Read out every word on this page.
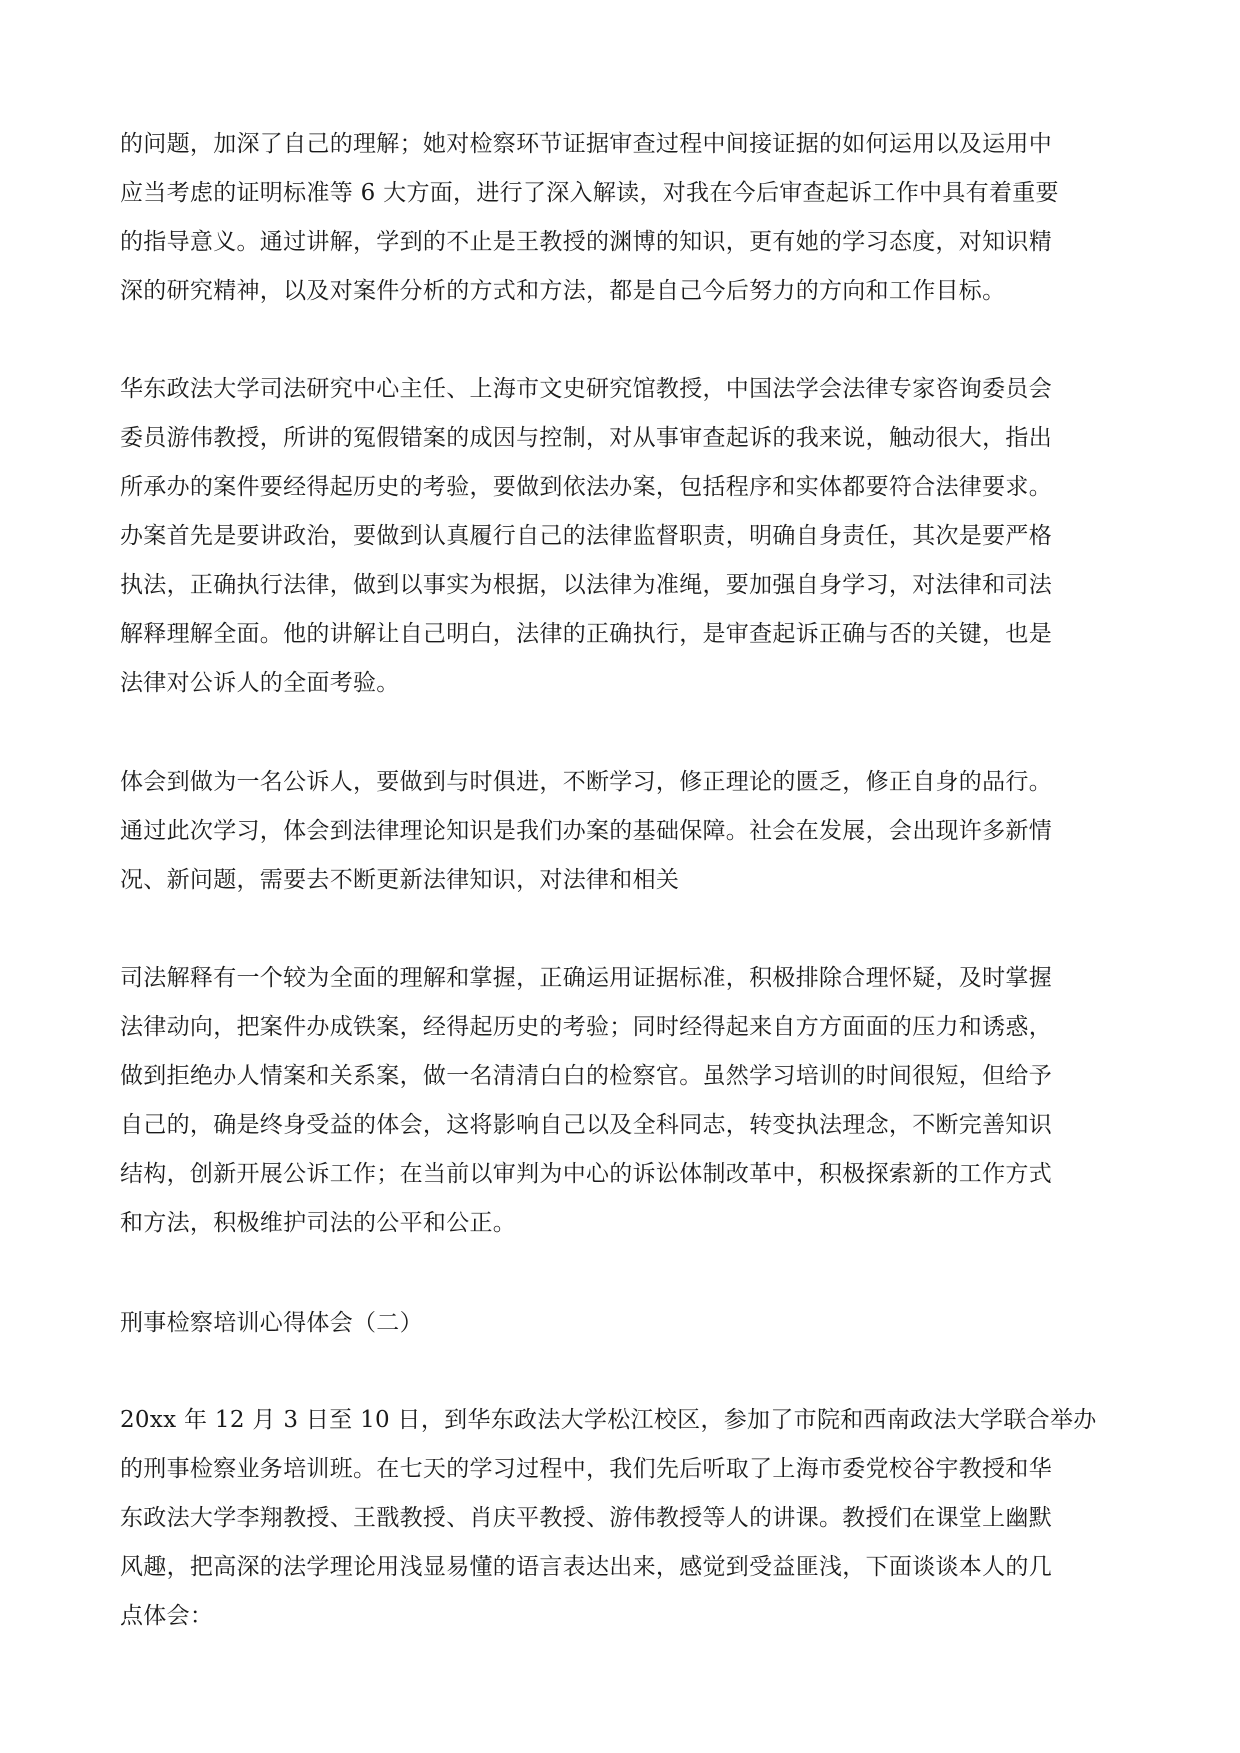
的问题，加深了自己的理解；她对检察环节证据审查过程中间接证据的如何运用以及运用中
应当考虑的证明标准等 6 大方面，进行了深入解读，对我在今后审查起诉工作中具有着重要
的指导意义。通过讲解，学到的不止是王教授的渊博的知识，更有她的学习态度，对知识精
深的研究精神，以及对案件分析的方式和方法，都是自己今后努力的方向和工作目标。

华东政法大学司法研究中心主任、上海市文史研究馆教授，中国法学会法律专家咨询委员会
委员游伟教授，所讲的冤假错案的成因与控制，对从事审查起诉的我来说，触动很大，指出
所承办的案件要经得起历史的考验，要做到依法办案，包括程序和实体都要符合法律要求。
办案首先是要讲政治，要做到认真履行自己的法律监督职责，明确自身责任，其次是要严格
执法，正确执行法律，做到以事实为根据，以法律为准绳，要加强自身学习，对法律和司法
解释理解全面。他的讲解让自己明白，法律的正确执行，是审查起诉正确与否的关键，也是
法律对公诉人的全面考验。

体会到做为一名公诉人，要做到与时俱进，不断学习，修正理论的匮乏，修正自身的品行。
通过此次学习，体会到法律理论知识是我们办案的基础保障。社会在发展，会出现许多新情
况、新问题，需要去不断更新法律知识，对法律和相关

司法解释有一个较为全面的理解和掌握，正确运用证据标准，积极排除合理怀疑，及时掌握
法律动向，把案件办成铁案，经得起历史的考验；同时经得起来自方方面面的压力和诱惑，
做到拒绝办人情案和关系案，做一名清清白白的检察官。虽然学习培训的时间很短，但给予
自己的，确是终身受益的体会，这将影响自己以及全科同志，转变执法理念，不断完善知识
结构，创新开展公诉工作；在当前以审判为中心的诉讼体制改革中，积极探索新的工作方式
和方法，积极维护司法的公平和公正。

刑事检察培训心得体会（二）

20xx 年 12 月 3 日至 10 日，到华东政法大学松江校区，参加了市院和西南政法大学联合举办
的刑事检察业务培训班。在七天的学习过程中，我们先后听取了上海市委党校谷宇教授和华
东政法大学李翔教授、王戬教授、肖庆平教授、游伟教授等人的讲课。教授们在课堂上幽默
风趣，把高深的法学理论用浅显易懂的语言表达出来，感觉到受益匪浅，下面谈谈本人的几
点体会：
